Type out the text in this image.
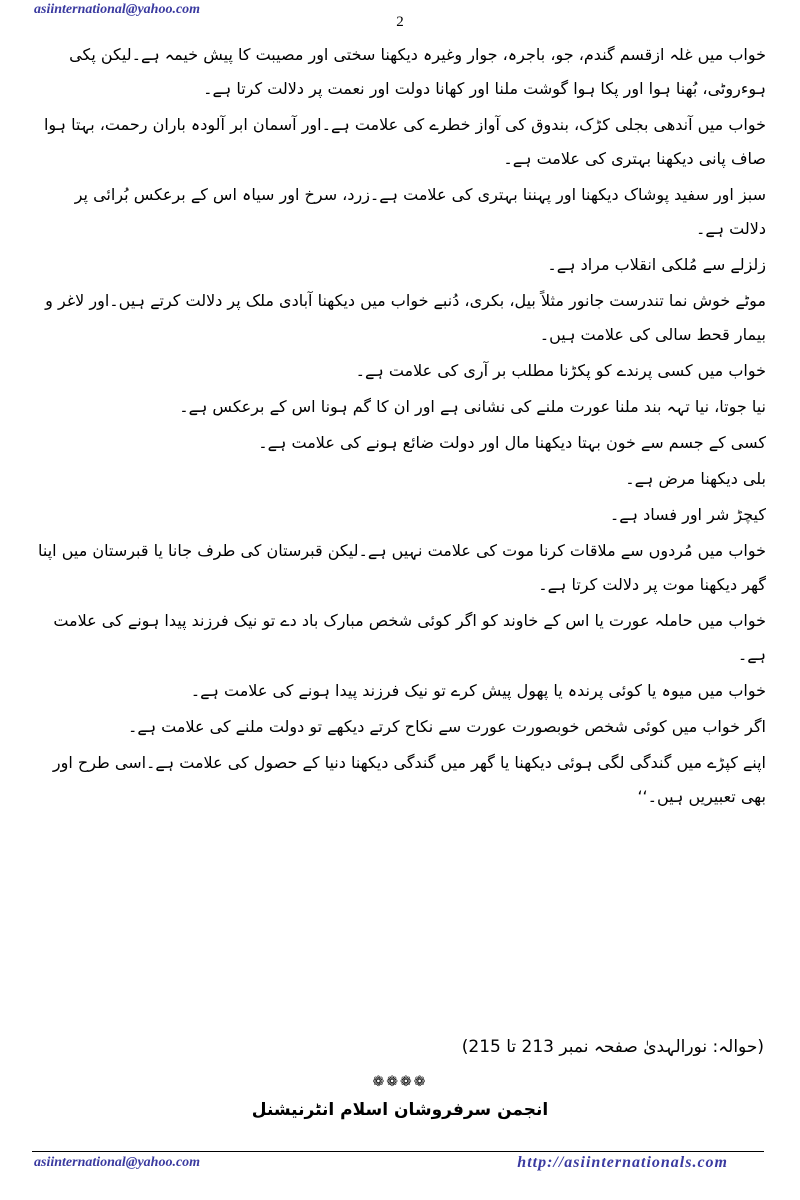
asiinternational@yahoo.com
2

خواب میں غلہ ازقسم گندم، جو، باجرہ، جوار وغیرہ دیکھنا سختی اور مصیبت کا پیش خیمہ ہے۔لیکن پکی ہوءروٹی، بُھنا ہوا اور پکا ہوا گوشت ملنا اور کھانا دولت اور نعمت پر دلالت کرتا ہے۔

خواب میں آندھی بجلی کڑک، بندوق کی آواز خطرے کی علامت ہے۔اور آسمان ابر آلودہ باران رحمت، بہتا ہوا صاف پانی دیکھنا بہتری کی علامت ہے۔

سبز اور سفید پوشاک دیکھنا اور پہننا بہتری کی علامت ہے۔زرد، سرخ اور سیاہ اس کے برعکس بُرائی پر دلالت ہے۔

زلزلے سے مُلکی انقلاب مراد ہے۔

موٹے خوش نما تندرست جانور مثلاً بیل، بکری، دُنبے خواب میں دیکھنا آبادی ملک پر دلالت کرتے ہیں۔اور لاغر و بیمار قحط سالی کی علامت ہیں۔

خواب میں کسی پرندے کو پکڑنا مطلب بر آری کی علامت ہے۔

نیا جوتا، نیا تہہ بند ملنا عورت ملنے کی نشانی ہے اور ان کا گم ہونا اس کے برعکس ہے۔

کسی کے جسم سے خون بہتا دیکھنا مال اور دولت ضائع ہونے کی علامت ہے۔

بلی دیکھنا مرض ہے۔

کیچڑ شر اور فساد ہے۔

خواب میں مُردوں سے ملاقات کرنا موت کی علامت نہیں ہے۔لیکن قبرستان کی طرف جانا یا قبرستان میں اپنا گھر دیکھنا موت پر دلالت کرتا ہے۔

خواب میں حاملہ عورت یا اس کے خاوند کو اگر کوئی شخص مبارک باد دے تو نیک فرزند پیدا ہونے کی علامت ہے۔

خواب میں میوہ یا کوئی پرندہ یا پھول پیش کرے تو نیک فرزند پیدا ہونے کی علامت ہے۔

اگر خواب میں کوئی شخص خوبصورت عورت سے نکاح کرتے دیکھے تو دولت ملنے کی علامت ہے۔

اپنے کپڑے میں گندگی لگی ہوئی دیکھنا یا گھر میں گندگی دیکھنا دنیا کے حصول کی علامت ہے۔اسی طرح اور بھی تعبیریں ہیں۔‘‘

(حوالہ: نورالہدیٰ صفحہ نمبر 213 تا 215)
❁❁❁❁
انجمن سرفروشان اسلام انٹرنیشنل
asiinternational@yahoo.com	http://asiinternationals.com
